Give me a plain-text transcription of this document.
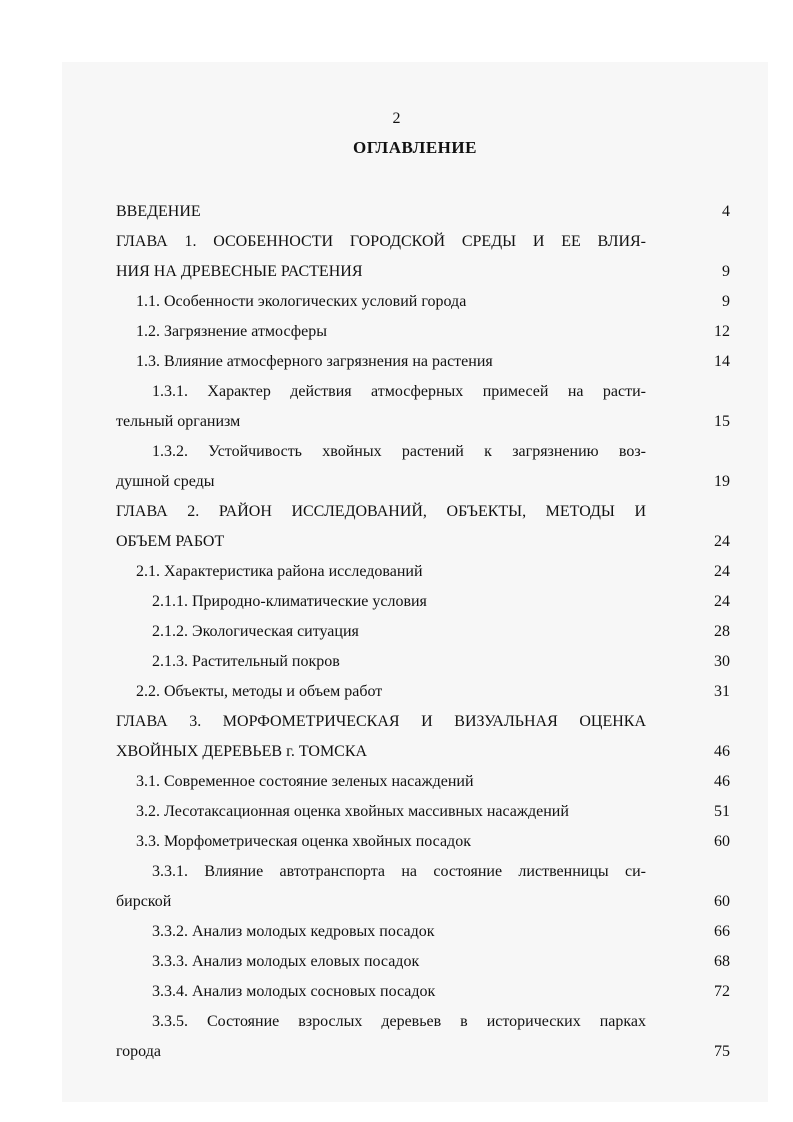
2
ОГЛАВЛЕНИЕ
ВВЕДЕНИЕ	4
ГЛАВА 1. ОСОБЕННОСТИ ГОРОДСКОЙ СРЕДЫ И ЕЕ ВЛИЯ-
НИЯ НА ДРЕВЕСНЫЕ РАСТЕНИЯ	9
1.1. Особенности экологических условий города	9
1.2. Загрязнение атмосферы	12
1.3. Влияние атмосферного загрязнения на растения	14
1.3.1. Характер действия атмосферных примесей на расти-
тельный организм	15
1.3.2. Устойчивость хвойных растений к загрязнению воз-
душной среды	19
ГЛАВА 2. РАЙОН ИССЛЕДОВАНИЙ, ОБЪЕКТЫ, МЕТОДЫ И
ОБЪЕМ РАБОТ	24
2.1. Характеристика района исследований	24
2.1.1. Природно-климатические условия	24
2.1.2. Экологическая ситуация	28
2.1.3. Растительный покров	30
2.2. Объекты, методы и объем работ	31
ГЛАВА 3. МОРФОМЕТРИЧЕСКАЯ И ВИЗУАЛЬНАЯ ОЦЕНКА
ХВОЙНЫХ ДЕРЕВЬЕВ г. ТОМСКА	46
3.1. Современное состояние зеленых насаждений	46
3.2. Лесотаксационная оценка хвойных массивных насаждений	51
3.3. Морфометрическая оценка хвойных посадок	60
3.3.1. Влияние автотранспорта на состояние лиственницы си-
бирской	60
3.3.2. Анализ молодых кедровых посадок	66
3.3.3. Анализ молодых еловых посадок	68
3.3.4. Анализ молодых сосновых посадок	72
3.3.5. Состояние взрослых деревьев в исторических парках
города	75
